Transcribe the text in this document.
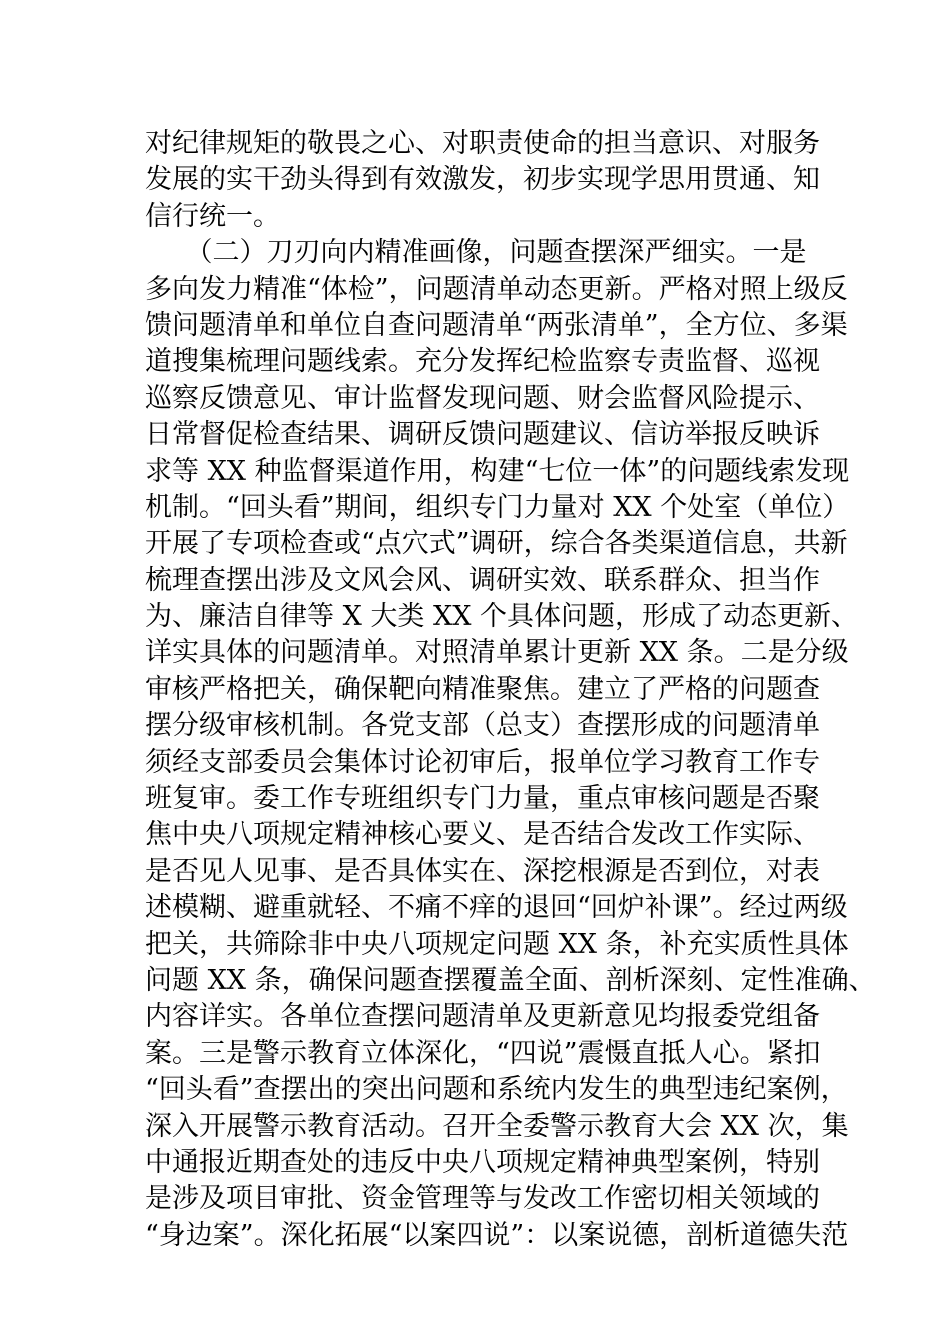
对纪律规矩的敬畏之心、对职责使命的担当意识、对服务
发展的实干劲头得到有效激发，初步实现学思用贯通、知
信行统一。
　　（二）刀刃向内精准画像，问题查摆深严细实。一是
多向发力精准“体检”，问题清单动态更新。严格对照上级反
馈问题清单和单位自查问题清单“两张清单”，全方位、多渠
道搜集梳理问题线索。充分发挥纪检监察专责监督、巡视
巡察反馈意见、审计监督发现问题、财会监督风险提示、
日常督促检查结果、调研反馈问题建议、信访举报反映诉
求等 XX 种监督渠道作用，构建“七位一体”的问题线索发现
机制。“回头看”期间，组织专门力量对 XX 个处室（单位）
开展了专项检查或“点穴式”调研，综合各类渠道信息，共新
梳理查摆出涉及文风会风、调研实效、联系群众、担当作
为、廉洁自律等 X 大类 XX 个具体问题，形成了动态更新、
详实具体的问题清单。对照清单累计更新 XX 条。二是分级
审核严格把关，确保靶向精准聚焦。建立了严格的问题查
摆分级审核机制。各党支部（总支）查摆形成的问题清单
须经支部委员会集体讨论初审后，报单位学习教育工作专
班复审。委工作专班组织专门力量，重点审核问题是否聚
焦中央八项规定精神核心要义、是否结合发改工作实际、
是否见人见事、是否具体实在、深挖根源是否到位，对表
述模糊、避重就轻、不痛不痒的退回“回炉补课”。经过两级
把关，共筛除非中央八项规定问题 XX 条，补充实质性具体
问题 XX 条，确保问题查摆覆盖全面、剖析深刻、定性准确、
内容详实。各单位查摆问题清单及更新意见均报委党组备
案。三是警示教育立体深化，“四说”震慑直抵人心。紧扣
“回头看”查摆出的突出问题和系统内发生的典型违纪案例，
深入开展警示教育活动。召开全委警示教育大会 XX 次，集
中通报近期查处的违反中央八项规定精神典型案例，特别
是涉及项目审批、资金管理等与发改工作密切相关领域的
“身边案”。深化拓展“以案四说”：以案说德，剖析道德失范
